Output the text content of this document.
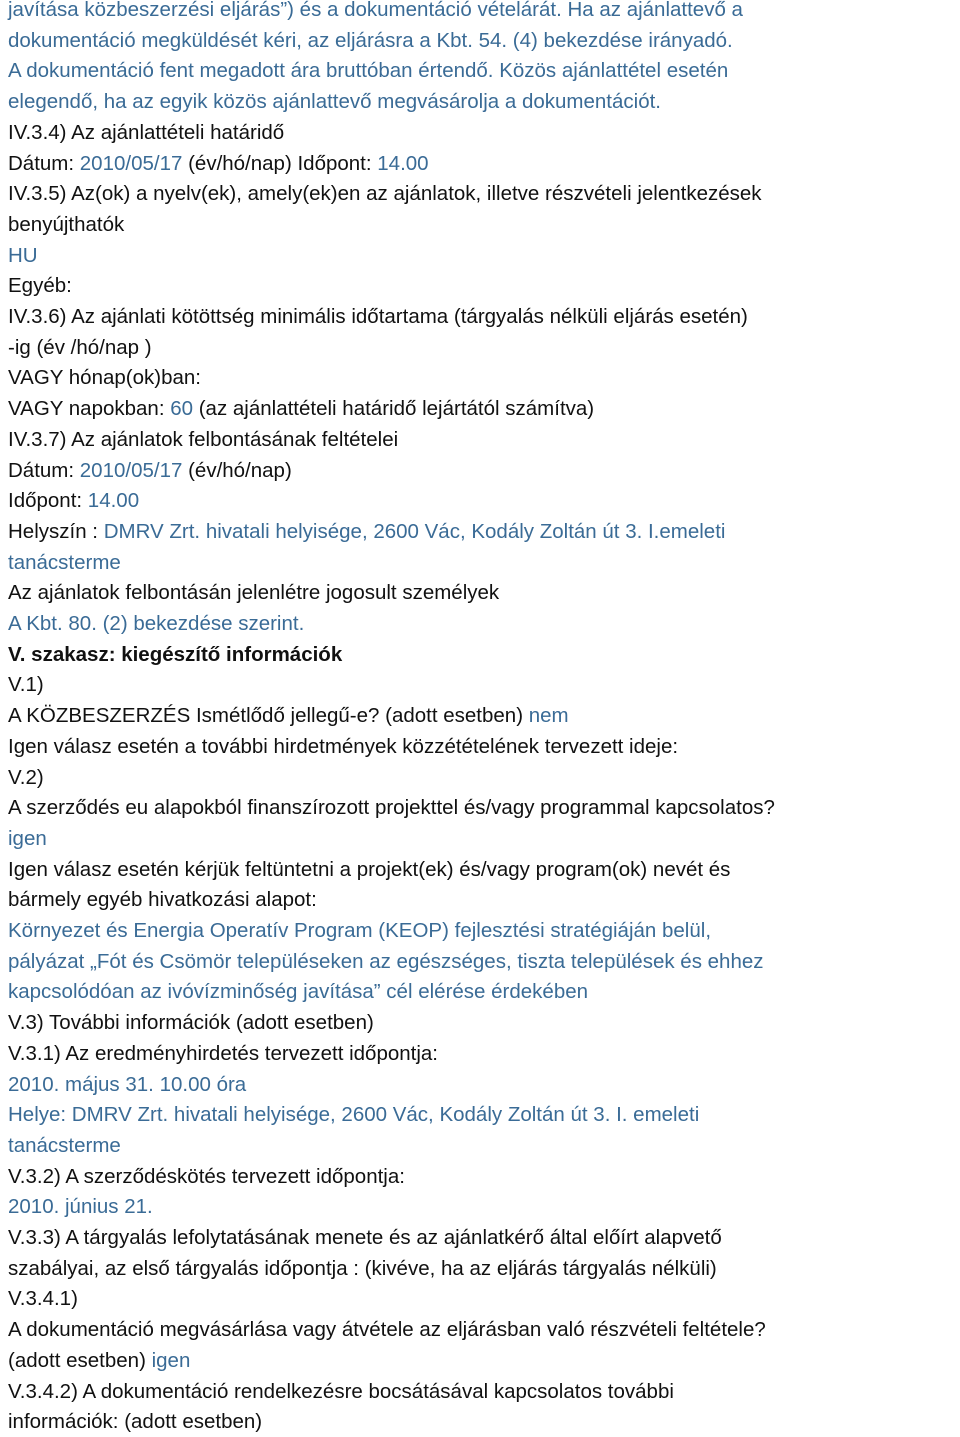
javítása közbeszerzési eljárás”) és a dokumentáció vételárát. Ha az ajánlattevő a
dokumentáció megküldését kéri, az eljárásra a Kbt. 54. (4) bekezdése irányadó.
A dokumentáció fent megadott ára bruttóban értendő. Közös ajánlattétel esetén
elegendő, ha az egyik közös ajánlattevő megvásárolja a dokumentációt.
IV.3.4) Az ajánlattételi határidő
Dátum: 2010/05/17 (év/hó/nap) Időpont: 14.00
IV.3.5) Az(ok) a nyelv(ek), amely(ek)en az ajánlatok, illetve részvételi jelentkezések
benyújthatók
HU
Egyéb:
IV.3.6) Az ajánlati kötöttség minimális időtartama (tárgyalás nélküli eljárás esetén)
-ig (év /hó/nap )
VAGY hónap(ok)ban:
VAGY napokban: 60 (az ajánlattételi határidő lejártától számítva)
IV.3.7) Az ajánlatok felbontásának feltételei
Dátum: 2010/05/17 (év/hó/nap)
Időpont: 14.00
Helyszín : DMRV Zrt. hivatali helyisége, 2600 Vác, Kodály Zoltán út 3. I.emeleti
tanácsterme
Az ajánlatok felbontásán jelenlétre jogosult személyek
A Kbt. 80. (2) bekezdése szerint.
V. szakasz: kiegészítő információk
V.1)
A KÖZBESZERZÉS Ismétlődő jellegű-e? (adott esetben) nem
Igen válasz esetén a további hirdetmények közzétételének tervezett ideje:
V.2)
A szerződés eu alapokból finanszírozott projekttel és/vagy programmal kapcsolatos?
igen
Igen válasz esetén kérjük feltüntetni a projekt(ek) és/vagy program(ok) nevét és
bármely egyéb hivatkozási alapot:
Környezet és Energia Operatív Program (KEOP) fejlesztési stratégiáján belül,
pályázat „Fót és Csömör településeken az egészséges, tiszta települések és ehhez
kapcsolódóan az ivóvízminőség javítása” cél elérése érdekében
V.3) További információk (adott esetben)
V.3.1) Az eredményhirdetés tervezett időpontja:
2010. május 31. 10.00 óra
Helye: DMRV Zrt. hivatali helyisége, 2600 Vác, Kodály Zoltán út 3. I. emeleti
tanácsterme
V.3.2) A szerződéskötés tervezett időpontja:
2010. június 21.
V.3.3) A tárgyalás lefolytatásának menete és az ajánlatkérő által előírt alapvető
szabályai, az első tárgyalás időpontja : (kivéve, ha az eljárás tárgyalás nélküli)
V.3.4.1)
A dokumentáció megvásárlása vagy átvétele az eljárásban való részvételi feltétele?
(adott esetben) igen
V.3.4.2) A dokumentáció rendelkezésre bocsátásával kapcsolatos további
információk: (adott esetben)
